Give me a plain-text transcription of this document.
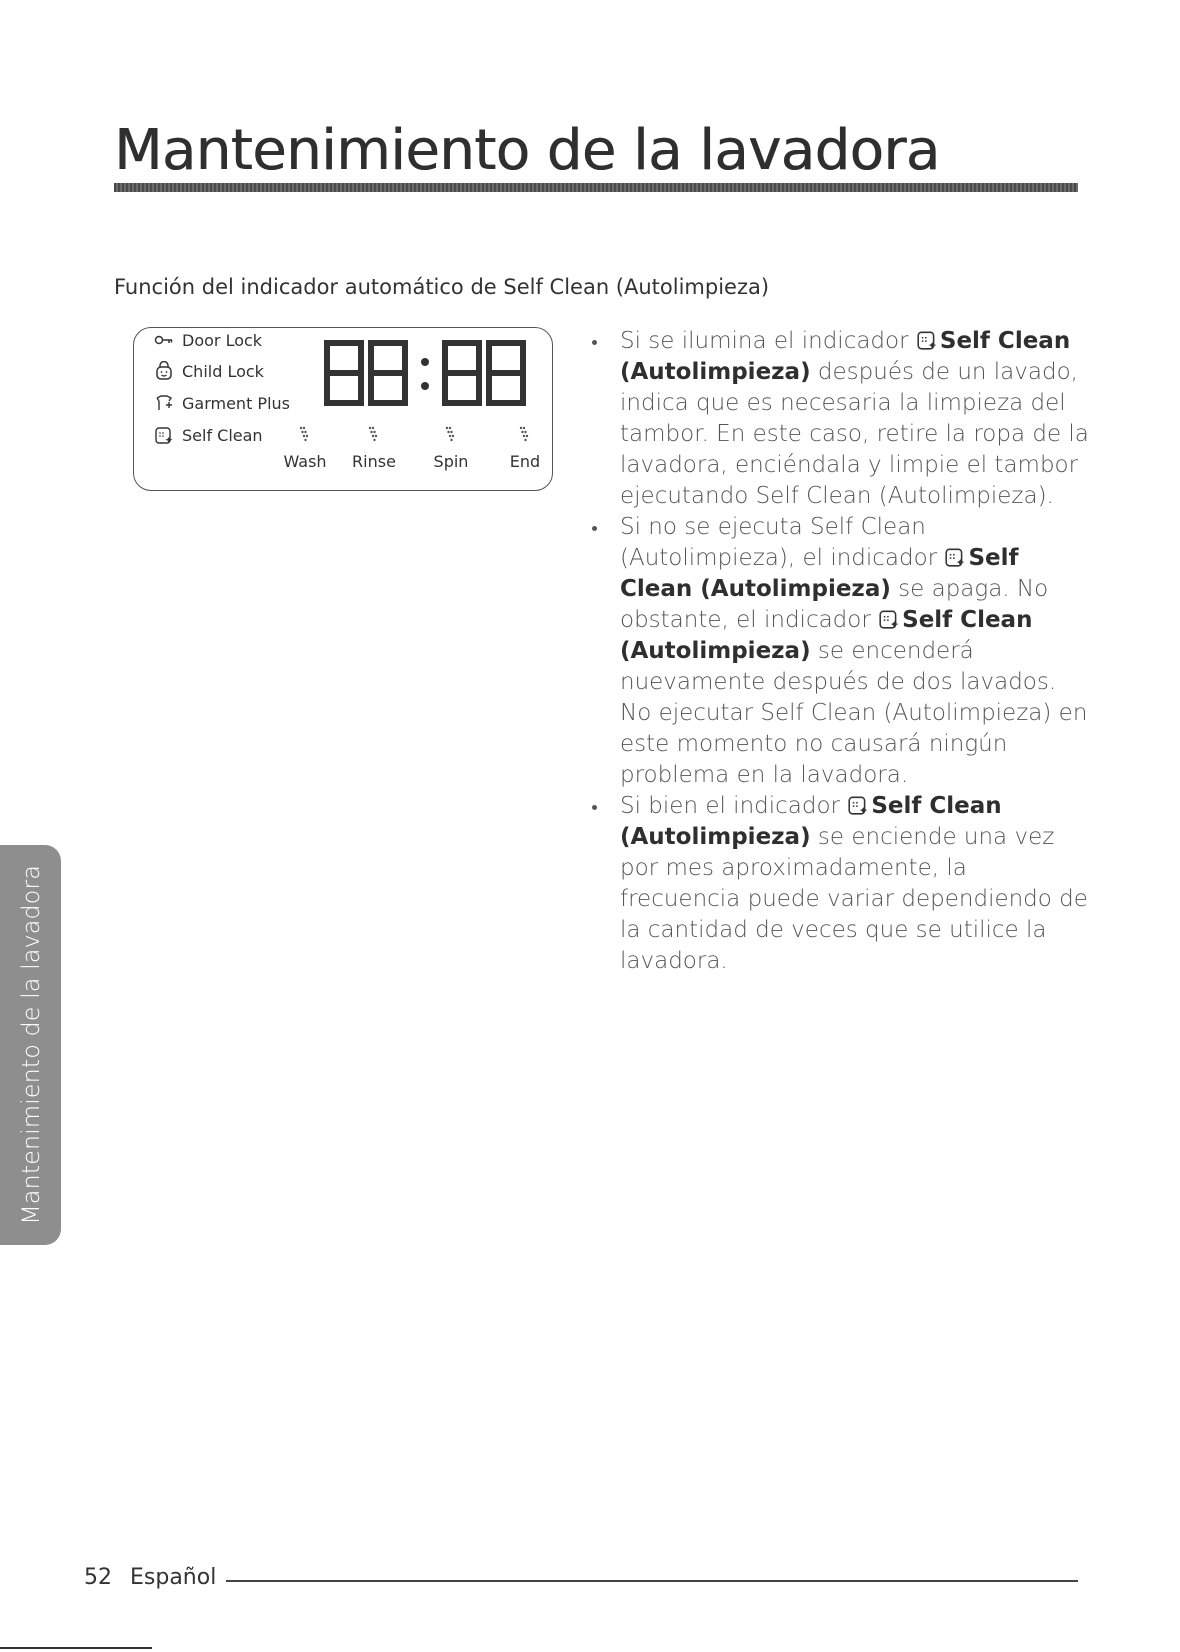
Mantenimiento de la lavadora
Función del indicador automático de Self Clean (Autolimpieza)
Door Lock
Child Lock
Garment Plus
Self Clean
Wash Rinse Spin	End
Si se ilumina el indicador Self Clean (Autolimpieza) después de un lavado, indica que es necesaria la limpieza del tambor. En este caso, retire la ropa de la lavadora, enciéndala y limpie el tambor ejecutando Self Clean (Autolimpieza).
Si no se ejecuta Self Clean (Autolimpieza), el indicador Self Clean (Autolimpieza) se apaga. No obstante, el indicador Self Clean (Autolimpieza) se encenderá nuevamente después de dos lavados. No ejecutar Self Clean (Autolimpieza) en este momento no causará ningún problema en la lavadora.
Si bien el indicador Self Clean (Autolimpieza) se enciende una vez por mes aproximadamente, la frecuencia puede variar dependiendo de la cantidad de veces que se utilice la lavadora.
Mantenimiento de la lavadora
52 Español
